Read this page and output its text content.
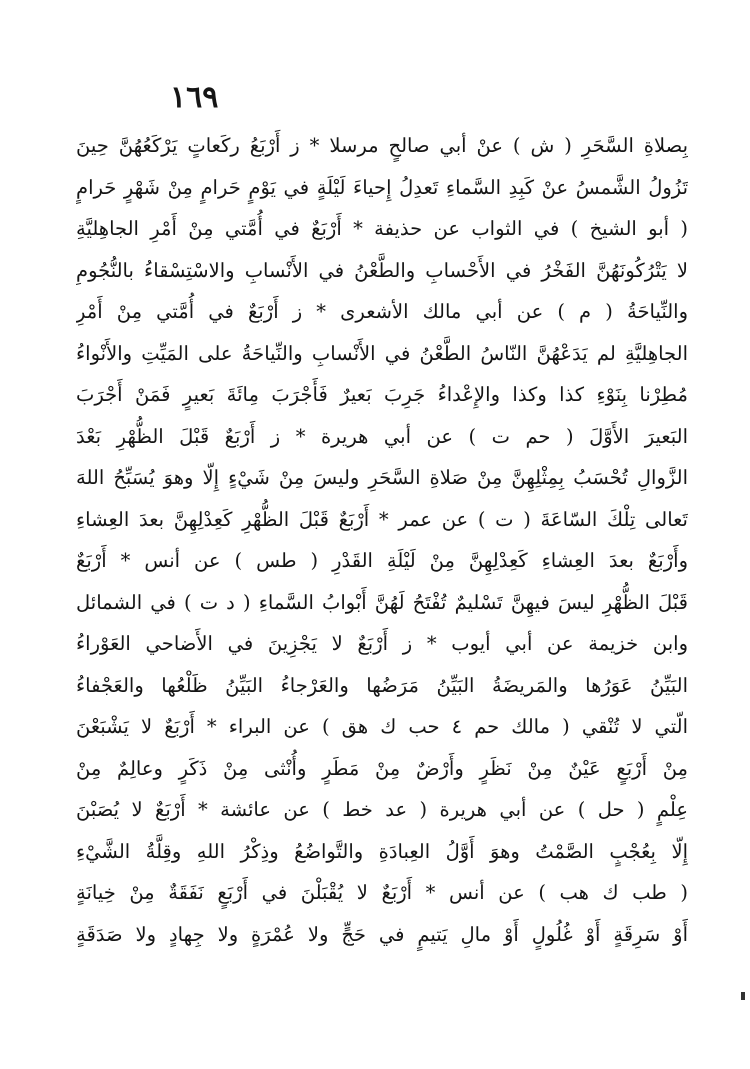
١٦٩
بِصلاةِ السَّحَرِ ( ش ) عنْ أبي صالحٍ مرسلا * ز أَرْبَعُ ركَعاتٍ يَرْكَعُهُنَّ حِينَ
تَزُولُ الشَّمسُ عنْ كَبِدِ السَّماءِ تَعدِلُ إِحياءَ لَيْلَةٍ في يَوْمٍ حَرامٍ مِنْ شَهْرٍ حَرامٍ
( أبو الشيخ ) في الثواب عن حذيفة * أَرْبَعٌ في أُمَّتي مِنْ أَمْرِ الجاهِليَّةِ
لا يَتْرُكُونَهُنَّ الفَخْرُ في الأَحْسابِ والطَّعْنُ في الأَنْسابِ والاسْتِسْقاءُ بالنُّجُومِ
والنِّياحَةُ ( م ) عن أبي مالك الأشعرى * ز أَرْبَعٌ في أُمَّتي مِنْ أَمْرِ
الجاهِليَّةِ لم يَدَعْهُنَّ النّاسُ الطَّعْنُ في الأَنْسابِ والنِّياحَةُ على المَيِّتِ والأَنْواءُ
مُطِرْنا بِنَوْءِ كذا وكذا والإِعْداءُ جَرِبَ بَعيرٌ فَأَجْرَبَ مِائَةَ بَعيرٍ فَمَنْ أَجْرَبَ
البَعيرَ الأَوَّلَ ( حم ت ) عن أبي هريرة * ز أَرْبَعٌ قَبْلَ الظُّهْرِ بَعْدَ
الزَّوالِ تُحْسَبُ بِمِثْلِهِنَّ مِنْ صَلاةِ السَّحَرِ وليسَ مِنْ شَيْءٍ إِلّا وهوَ يُسَبِّحُ اللهَ
تَعالى تِلْكَ السّاعَةَ ( ت ) عن عمر * أَرْبَعٌ قَبْلَ الظُّهْرِ كَعِدْلِهِنَّ بعدَ العِشاءِ
وأَرْبَعٌ بعدَ العِشاءِ كَعِدْلِهِنَّ مِنْ لَيْلَةِ القَدْرِ ( طس ) عن أنس * أَرْبَعٌ
قَبْلَ الظُّهْرِ ليسَ فيهِنَّ تَسْليمٌ تُفْتَحُ لَهُنَّ أَبْوابُ السَّماءِ ( د ت ) في الشمائل
وابن خزيمة عن أبي أيوب * ز أَرْبَعٌ لا يَجْزِينَ في الأَضاحي العَوْراءُ
البَيِّنُ عَوَرُها والمَريضَةُ البَيِّنُ مَرَضُها والعَرْجاءُ البَيِّنُ ظَلْعُها والعَجْفاءُ
الّتي لا تُنْقي ( مالك حم ٤ حب ك هق ) عن البراء * أَرْبَعٌ لا يَشْبَعْنَ
مِنْ أَرْبَعٍ عَيْنٌ مِنْ نَظَرٍ وأَرْضٌ مِنْ مَطَرٍ وأُنْثى مِنْ ذَكَرٍ وعالِمٌ مِنْ
عِلْمٍ ( حل ) عن أبي هريرة ( عد خط ) عن عائشة * أَرْبَعٌ لا يُصَبْنَ
إِلّا بِعُجْبٍ الصَّمْتُ وهوَ أَوَّلُ العِبادَةِ والتَّواضُعُ وذِكْرُ اللهِ وقِلَّةُ الشَّيْءِ
( طب ك هب ) عن أنس * أَرْبَعٌ لا يُقْبَلْنَ في أَرْبَعٍ نَفَقَةٌ مِنْ خِيانَةٍ
أَوْ سَرِقَةٍ أَوْ غُلُولٍ أَوْ مالِ يَتيمٍ في حَجٍّ ولا عُمْرَةٍ ولا جِهادٍ ولا صَدَقَةٍ
